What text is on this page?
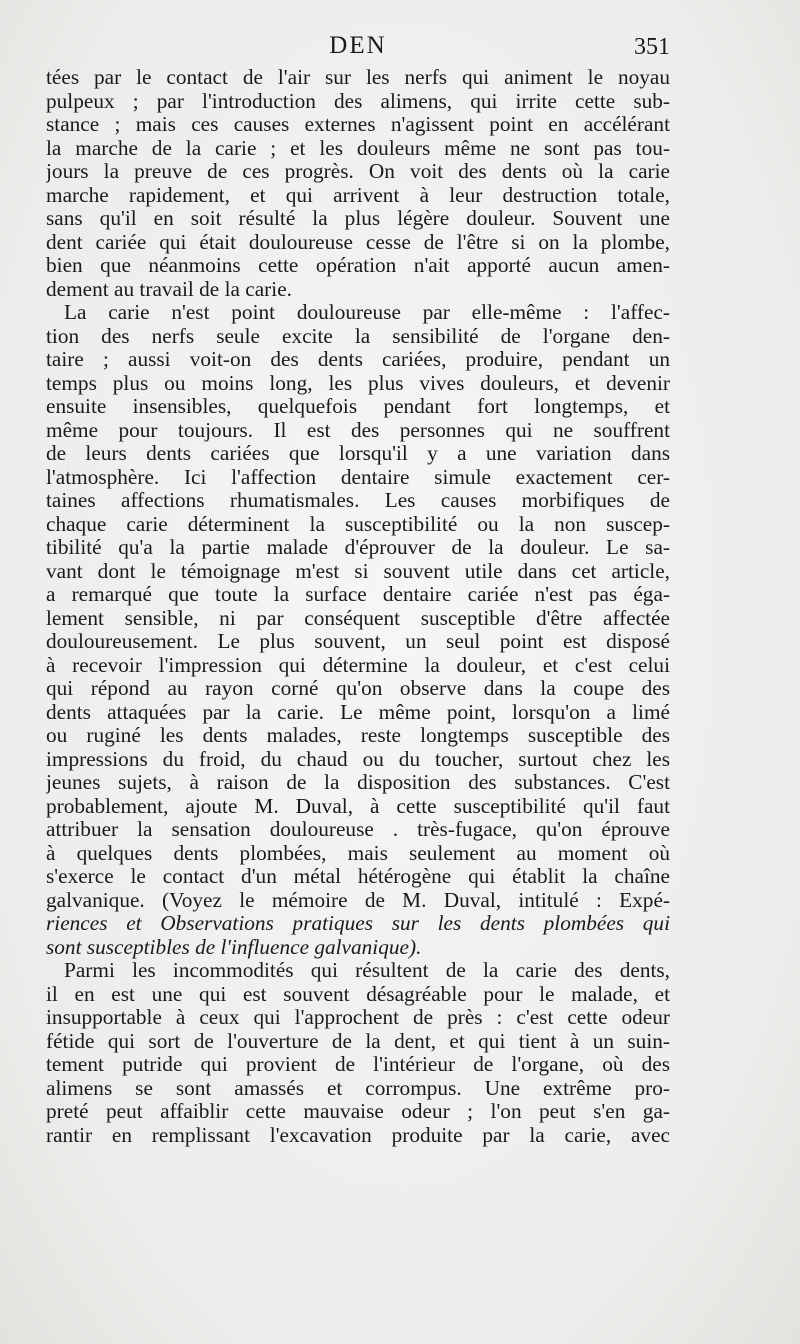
DEN	351
tées par le contact de l'air sur les nerfs qui animent le noyau
pulpeux ; par l'introduction des alimens, qui irrite cette sub-
stance ; mais ces causes externes n'agissent point en accélérant
la marche de la carie ; et les douleurs même ne sont pas tou-
jours la preuve de ces progrès. On voit des dents où la carie
marche rapidement, et qui arrivent à leur destruction totale,
sans qu'il en soit résulté la plus légère douleur. Souvent une
dent cariée qui était douloureuse cesse de l'être si on la plombe,
bien que néanmoins cette opération n'ait apporté aucun amen-
dement au travail de la carie.
La carie n'est point douloureuse par elle-même : l'affec-
tion des nerfs seule excite la sensibilité de l'organe den-
taire ; aussi voit-on des dents cariées, produire, pendant un
temps plus ou moins long, les plus vives douleurs, et devenir
ensuite insensibles, quelquefois pendant fort longtemps, et
même pour toujours. Il est des personnes qui ne souffrent
de leurs dents cariées que lorsqu'il y a une variation dans
l'atmosphère. Ici l'affection dentaire simule exactement cer-
taines affections rhumatismales. Les causes morbifiques de
chaque carie déterminent la susceptibilité ou la non suscep-
tibilité qu'a la partie malade d'éprouver de la douleur. Le sa-
vant dont le témoignage m'est si souvent utile dans cet article,
a remarqué que toute la surface dentaire cariée n'est pas éga-
lement sensible, ni par conséquent susceptible d'être affectée
douloureusement. Le plus souvent, un seul point est disposé
à recevoir l'impression qui détermine la douleur, et c'est celui
qui répond au rayon corné qu'on observe dans la coupe des
dents attaquées par la carie. Le même point, lorsqu'on a limé
ou ruginé les dents malades, reste longtemps susceptible des
impressions du froid, du chaud ou du toucher, surtout chez les
jeunes sujets, à raison de la disposition des substances. C'est
probablement, ajoute M. Duval, à cette susceptibilité qu'il faut
attribuer la sensation douloureuse . très-fugace, qu'on éprouve
à quelques dents plombées, mais seulement au moment où
s'exerce le contact d'un métal hétérogène qui établit la chaîne
galvanique. (Voyez le mémoire de M. Duval, intitulé : Expé-
riences et Observations pratiques sur les dents plombées qui
sont susceptibles de l'influence galvanique).
Parmi les incommodités qui résultent de la carie des dents,
il en est une qui est souvent désagréable pour le malade, et
insupportable à ceux qui l'approchent de près : c'est cette odeur
fétide qui sort de l'ouverture de la dent, et qui tient à un suin-
tement putride qui provient de l'intérieur de l'organe, où des
alimens se sont amassés et corrompus. Une extrême pro-
preté peut affaiblir cette mauvaise odeur ; l'on peut s'en ga-
rantir en remplissant l'excavation produite par la carie, avec
